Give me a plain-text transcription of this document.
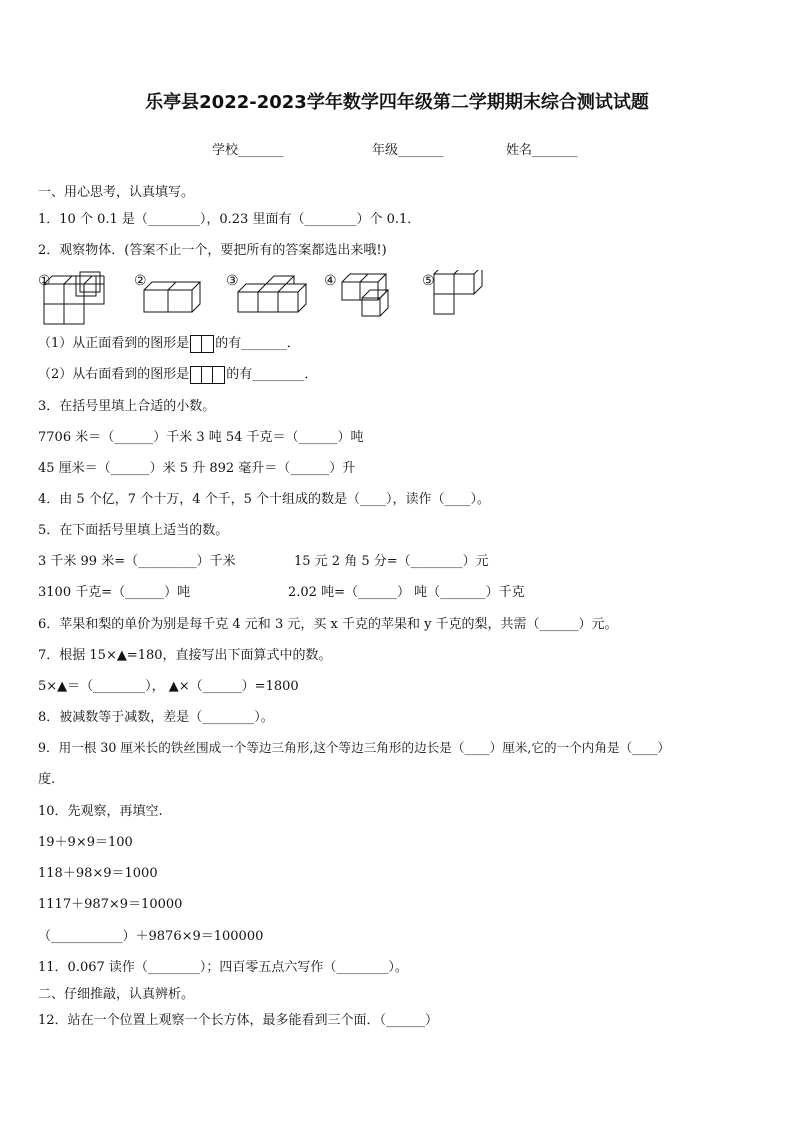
乐亭县2022-2023学年数学四年级第二学期期末综合测试试题
学校_______	年级_______	姓名_______
一、用心思考，认真填写。
1．10 个 0.1 是（________），0.23 里面有（________）个 0.1．
2．观察物体．(答案不止一个，要把所有的答案都选出来哦!)
①	②	③	④	⑤
（1）从正面看到的图形是 的有_______．
（2）从右面看到的图形是	的有________．
3．在括号里填上合适的小数。
7706 米＝（______）千米 3 吨 54 千克＝（______）吨
45 厘米＝（______）米 5 升 892 毫升＝（______）升
4．由 5 个亿，7 个十万，4 个千，5 个十组成的数是（____），读作（____）。
5．在下面括号里填上适当的数。
3 千米 99 米=（_________）千米	15 元 2 角 5 分=（________）元
3100 千克=（______）吨	2.02 吨=（______） 吨（_______）千克
6．苹果和梨的单价为别是每千克 4 元和 3 元，买 x 千克的苹果和 y 千克的梨，共需（______）元。
7．根据 15×▲=180，直接写出下面算式中的数。
5×▲＝（________）， ▲×（______）=1800
8．被减数等于减数，差是（________）。
9．用一根 30 厘米长的铁丝围成一个等边三角形,这个等边三角形的边长是（____）厘米,它的一个内角是（____）
度.
10．先观察，再填空.
19＋9×9＝100
118＋98×9＝1000
1117＋987×9＝10000
（___________）＋9876×9＝100000
11．0.067 读作（________）；四百零五点六写作（________）。
二、仔细推敲，认真辨析。
12．站在一个位置上观察一个长方体，最多能看到三个面．（______）
